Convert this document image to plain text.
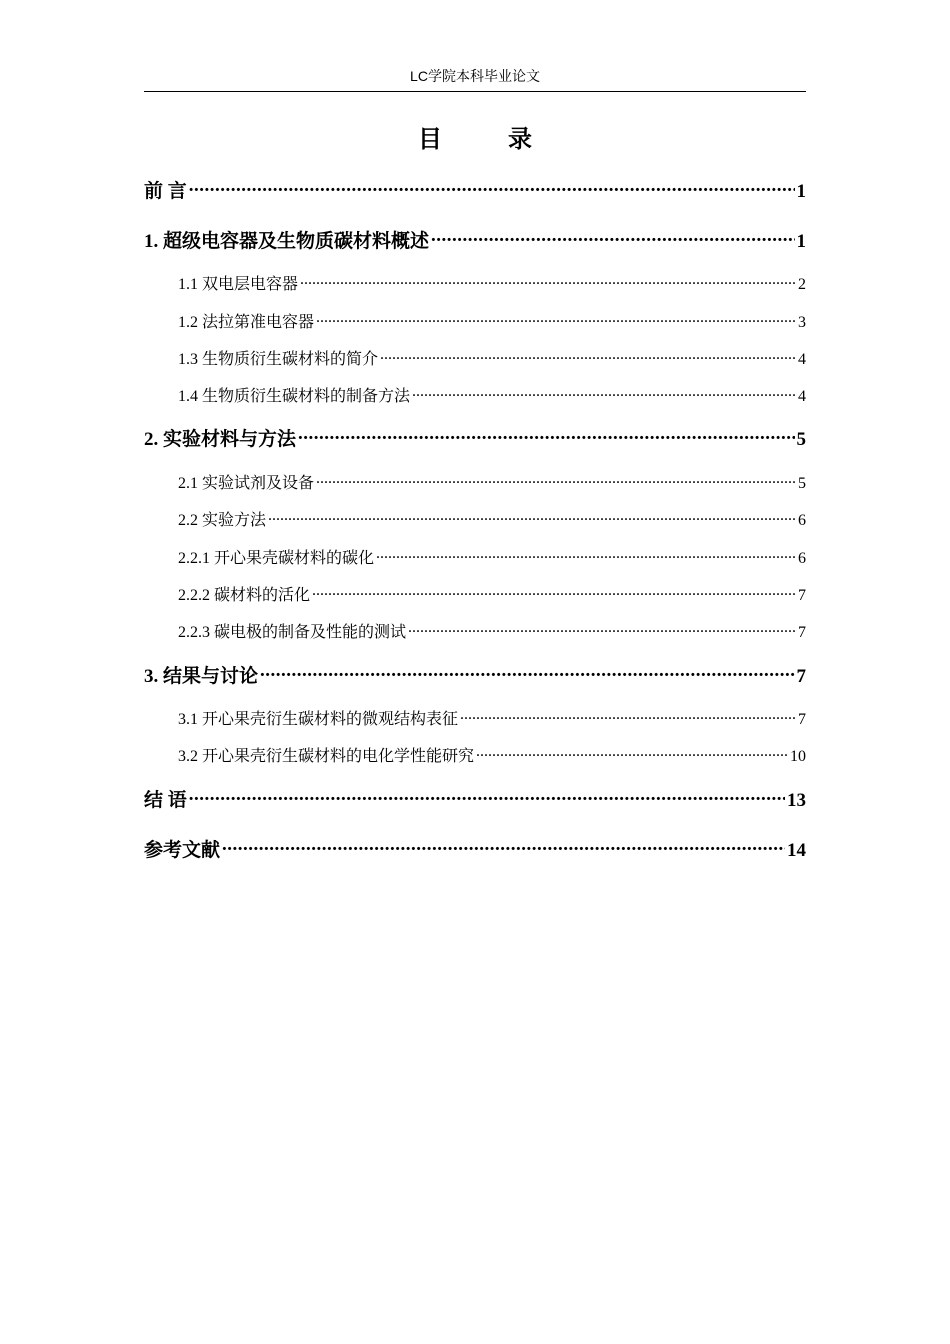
LC学院本科毕业论文
目 录
前 言 .....	1
1. 超级电容器及生物质碳材料概述 .....	1
1.1 双电层电容器 .....	2
1.2 法拉第准电容器 .....	3
1.3 生物质衍生碳材料的简介 .....	4
1.4 生物质衍生碳材料的制备方法 .....	4
2. 实验材料与方法 .....	5
2.1 实验试剂及设备 .....	5
2.2 实验方法 .....	6
2.2.1 开心果壳碳材料的碳化 .....	6
2.2.2 碳材料的活化 .....	7
2.2.3 碳电极的制备及性能的测试 .....	7
3. 结果与讨论 .....	7
3.1 开心果壳衍生碳材料的微观结构表征 .....	7
3.2 开心果壳衍生碳材料的电化学性能研究 .....	10
结 语 .....	13
参考文献 .....	14
